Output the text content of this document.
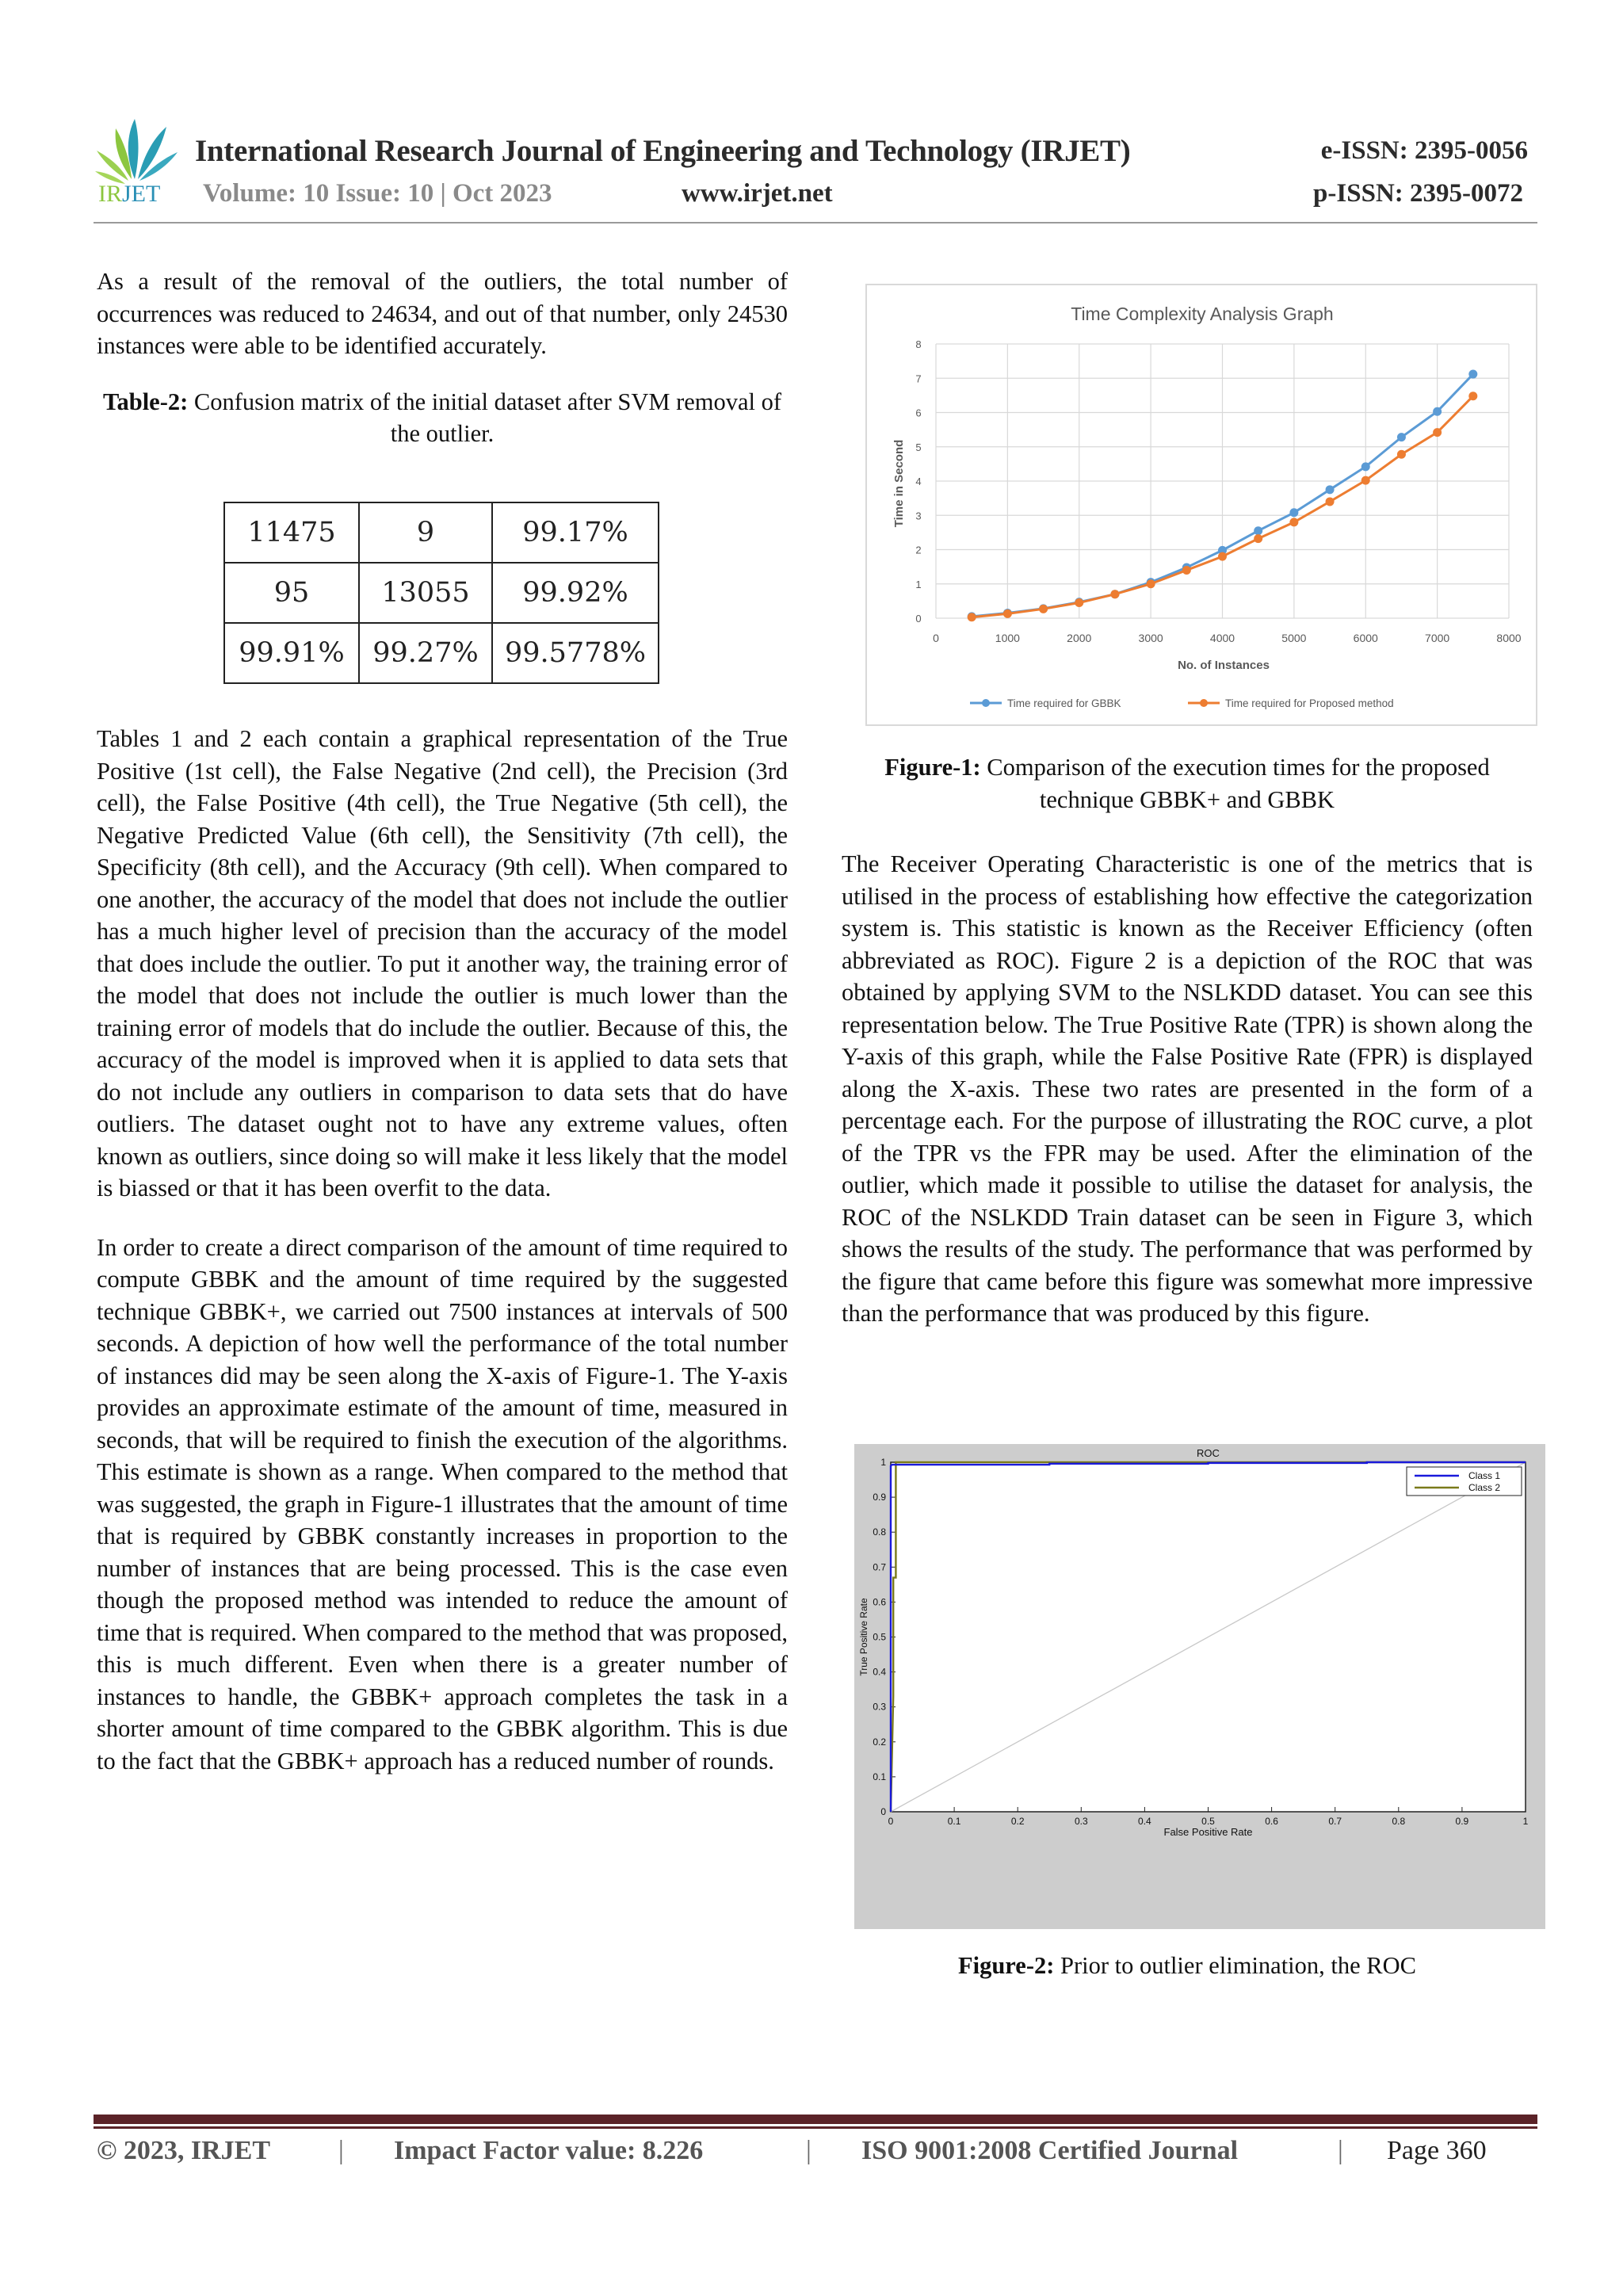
IRJET
International Research Journal of Engineering and Technology (IRJET)	e-ISSN: 2395-0056
Volume: 10 Issue: 10 | Oct 2023	www.irjet.net	p-ISSN: 2395-0072

As a result of the removal of the outliers, the total number of occurrences was reduced to 24634, and out of that number, only 24530 instances were able to be identified accurately.

Table-2: Confusion matrix of the initial dataset after SVM removal of the outlier.

11475	9	99.17%
95	13055	99.92%
99.91%	99.27%	99.5778%

Tables 1 and 2 each contain a graphical representation of the True Positive (1st cell), the False Negative (2nd cell), the Precision (3rd cell), the False Positive (4th cell), the True Negative (5th cell), the Negative Predicted Value (6th cell), the Sensitivity (7th cell), the Specificity (8th cell), and the Accuracy (9th cell). When compared to one another, the accuracy of the model that does not include the outlier has a much higher level of precision than the accuracy of the model that does include the outlier. To put it another way, the training error of the model that does not include the outlier is much lower than the training error of models that do include the outlier. Because of this, the accuracy of the model is improved when it is applied to data sets that do not include any outliers in comparison to data sets that do have outliers. The dataset ought not to have any extreme values, often known as outliers, since doing so will make it less likely that the model is biassed or that it has been overfit to the data.

In order to create a direct comparison of the amount of time required to compute GBBK and the amount of time required by the suggested technique GBBK+, we carried out 7500 instances at intervals of 500 seconds. A depiction of how well the performance of the total number of instances did may be seen along the X-axis of Figure-1. The Y-axis provides an approximate estimate of the amount of time, measured in seconds, that will be required to finish the execution of the algorithms. This estimate is shown as a range. When compared to the method that was suggested, the graph in Figure-1 illustrates that the amount of time that is required by GBBK constantly increases in proportion to the number of instances that are being processed. This is the case even though the proposed method was intended to reduce the amount of time that is required. When compared to the method that was proposed, this is much different. Even when there is a greater number of instances to handle, the GBBK+ approach completes the task in a shorter amount of time compared to the GBBK algorithm. This is due to the fact that the GBBK+ approach has a reduced number of rounds.

Time Complexity Analysis Graph
0
1
2
3
4
5
6
7
8
0	1000	2000	3000	4000	5000	6000	7000	8000
No. of Instances
Time in Second
Time required for GBBK	Time required for Proposed method
Figure-1: Comparison of the execution times for the proposed technique GBBK+ and GBBK

The Receiver Operating Characteristic is one of the metrics that is utilised in the process of establishing how effective the categorization system is. This statistic is known as the Receiver Efficiency (often abbreviated as ROC). Figure 2 is a depiction of the ROC that was obtained by applying SVM to the NSLKDD dataset. You can see this representation below. The True Positive Rate (TPR) is shown along the Y-axis of this graph, while the False Positive Rate (FPR) is displayed along the X-axis. These two rates are presented in the form of a percentage each. For the purpose of illustrating the ROC curve, a plot of the TPR vs the FPR may be used. After the elimination of the outlier, which made it possible to utilise the dataset for analysis, the ROC of the NSLKDD Train dataset can be seen in Figure 3, which shows the results of the study. The performance that was performed by the figure that came before this figure was somewhat more impressive than the performance that was produced by this figure.

ROC
0	0.1	0.2	0.3	0.4	0.5	0.6	0.7	0.8	0.9	1
0
0.1
0.2
0.3
0.4
0.5
0.6
0.7
0.8
0.9
1
False Positive Rate
True Positive Rate
Class 1
Class 2
Figure-2: Prior to outlier elimination, the ROC
© 2023, IRJET	| Impact Factor value: 8.226	| ISO 9001:2008 Certified Journal	| Page 360
